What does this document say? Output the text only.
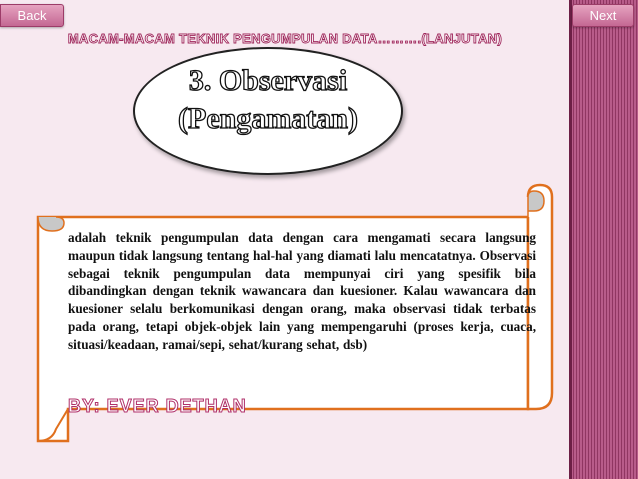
Back	Next
MACAM-MACAM TEKNIK PENGUMPULAN DATA……….(LANJUTAN)
3. Observasi
(Pengamatan)
adalah teknik pengumpulan data dengan cara mengamati secara langsung maupun tidak langsung tentang hal-hal yang diamati lalu mencatatnya. Observasi sebagai teknik pengumpulan data mempunyai ciri yang spesifik bila dibandingkan dengan teknik wawancara dan kuesioner. Kalau wawancara dan kuesioner selalu berkomunikasi dengan orang, maka observasi tidak terbatas pada orang, tetapi objek-objek lain yang mempengaruhi (proses kerja, cuaca, situasi/keadaan, ramai/sepi, sehat/kurang sehat, dsb)
BY: EVER DETHAN
